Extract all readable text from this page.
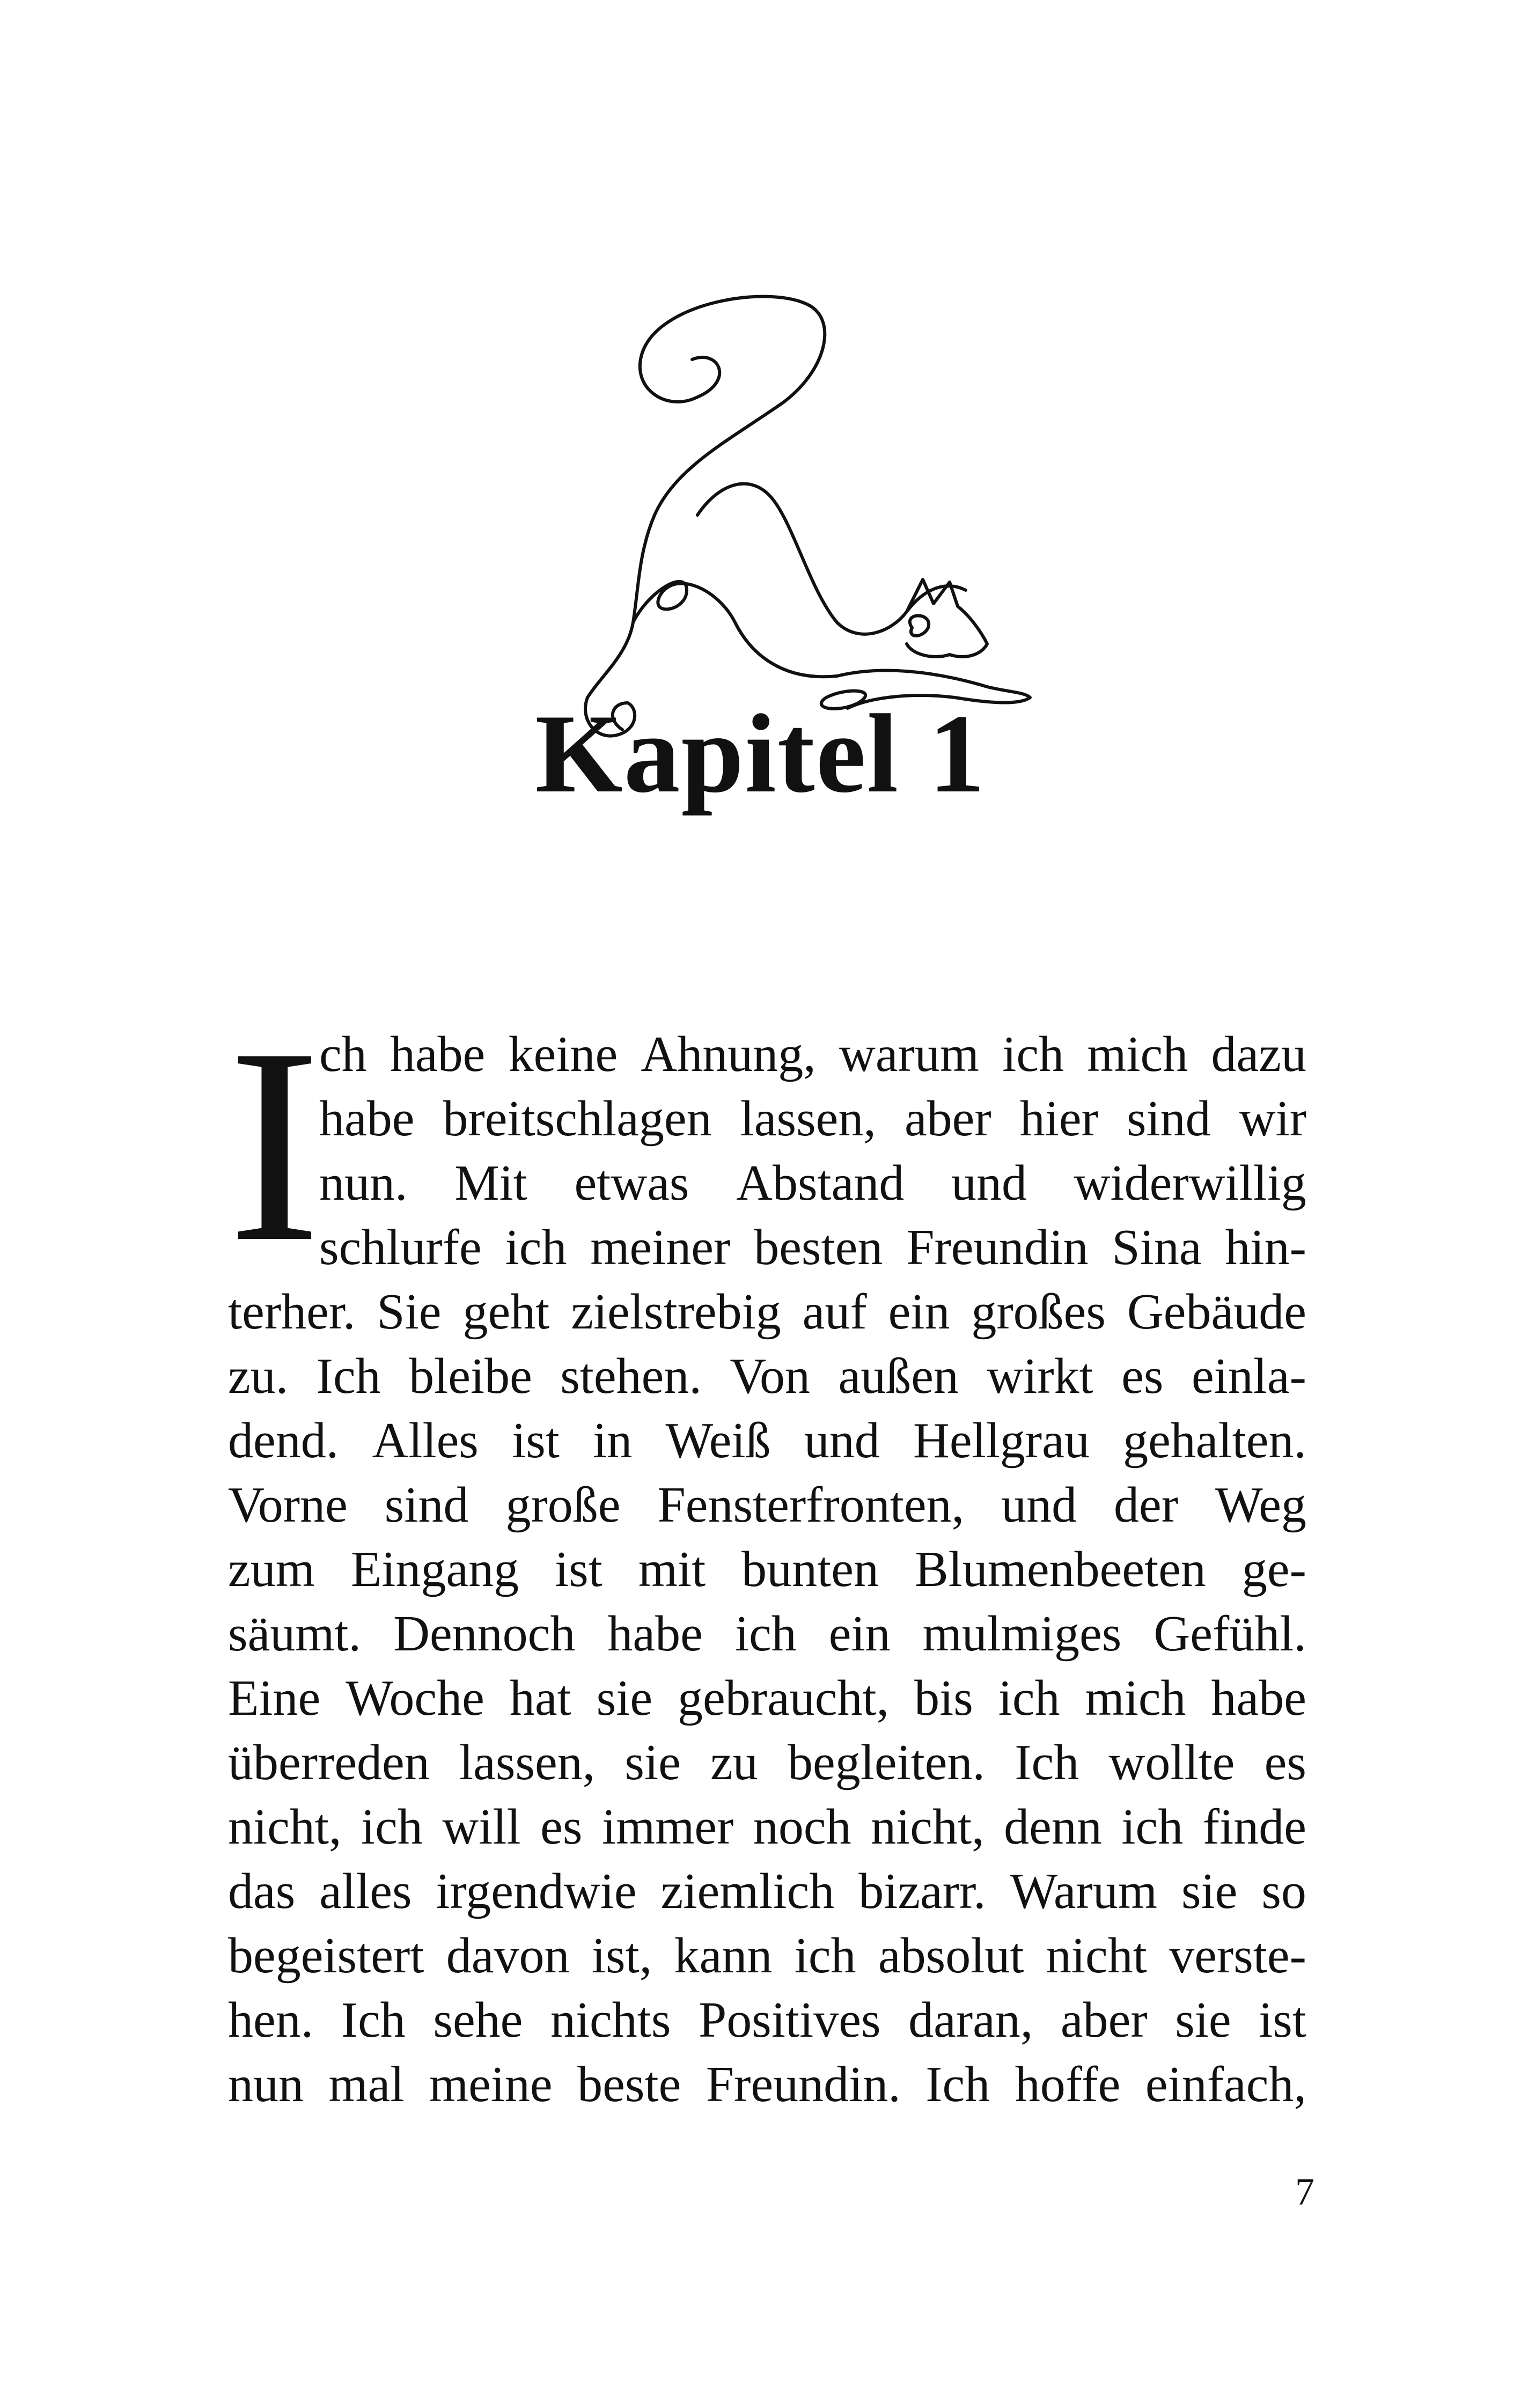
Kapitel 1
I
ch habe keine Ahnung, warum ich mich dazu
habe breitschlagen lassen, aber hier sind wir
nun. Mit etwas Abstand und widerwillig
schlurfe ich meiner besten Freundin Sina hin-
terher. Sie geht zielstrebig auf ein großes Gebäude
zu. Ich bleibe stehen. Von außen wirkt es einla-
dend. Alles ist in Weiß und Hellgrau gehalten.
Vorne sind große Fensterfronten, und der Weg
zum Eingang ist mit bunten Blumenbeeten ge-
säumt. Dennoch habe ich ein mulmiges Gefühl.
Eine Woche hat sie gebraucht, bis ich mich habe
überreden lassen, sie zu begleiten. Ich wollte es
nicht, ich will es immer noch nicht, denn ich finde
das alles irgendwie ziemlich bizarr. Warum sie so
begeistert davon ist, kann ich absolut nicht verste-
hen. Ich sehe nichts Positives daran, aber sie ist
nun mal meine beste Freundin. Ich hoffe einfach,
7
